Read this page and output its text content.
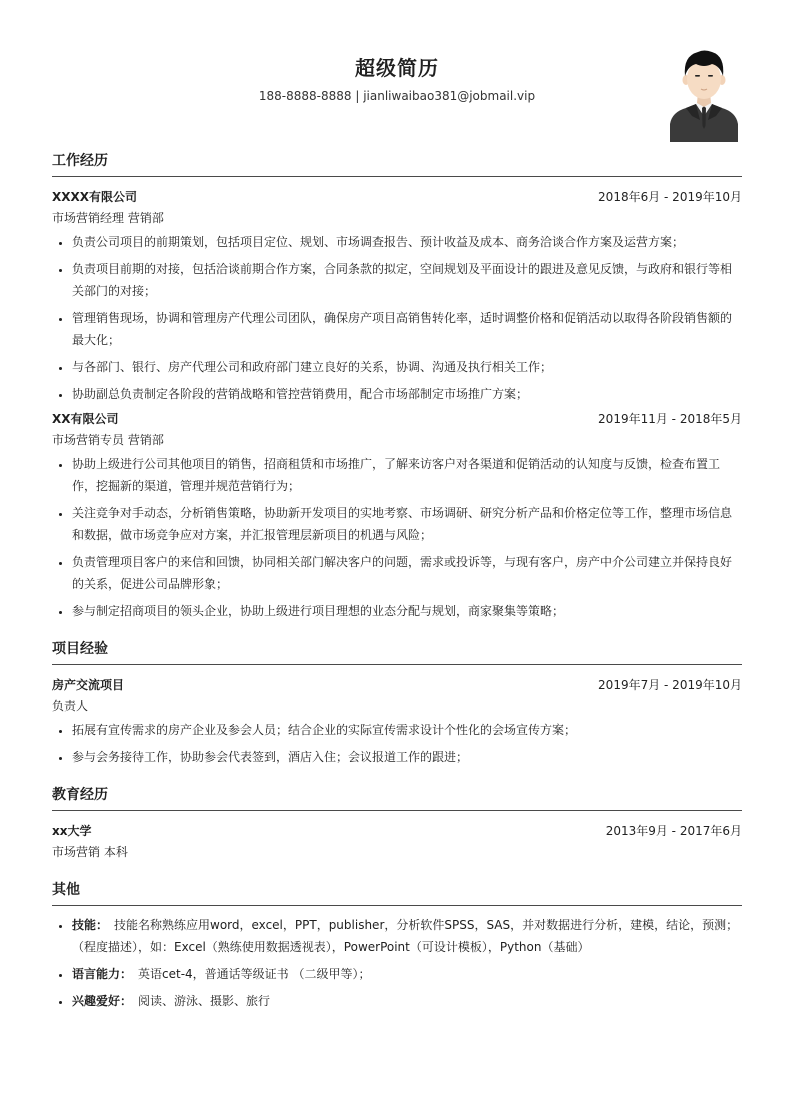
超级简历
188-8888-8888 | jianliwaibao381@jobmail.vip
工作经历
XXXX有限公司	2018年6月 - 2019年10月
市场营销经理 营销部
• 负责公司项目的前期策划，包括项目定位、规划、市场调查报告、预计收益及成本、商务洽谈合作方案及运营方案；
• 负责项目前期的对接，包括洽谈前期合作方案，合同条款的拟定，空间规划及平面设计的跟进及意见反馈，与政府和银行等相关部门的对接；
• 管理销售现场，协调和管理房产代理公司团队，确保房产项目高销售转化率，适时调整价格和促销活动以取得各阶段销售额的最大化；
• 与各部门、银行、房产代理公司和政府部门建立良好的关系，协调、沟通及执行相关工作；
• 协助副总负责制定各阶段的营销战略和管控营销费用，配合市场部制定市场推广方案；
XX有限公司	2019年11月 - 2018年5月
市场营销专员 营销部
• 协助上级进行公司其他项目的销售，招商租赁和市场推广，了解来访客户对各渠道和促销活动的认知度与反馈，检查布置工作，挖掘新的渠道，管理并规范营销行为；
• 关注竞争对手动态，分析销售策略，协助新开发项目的实地考察、市场调研、研究分析产品和价格定位等工作，整理市场信息和数据，做市场竞争应对方案，并汇报管理层新项目的机遇与风险；
• 负责管理项目客户的来信和回馈，协同相关部门解决客户的问题，需求或投诉等，与现有客户，房产中介公司建立并保持良好的关系，促进公司品牌形象；
• 参与制定招商项目的领头企业，协助上级进行项目理想的业态分配与规划，商家聚集等策略；
项目经验
房产交流项目	2019年7月 - 2019年10月
负责人
• 拓展有宣传需求的房产企业及参会人员；结合企业的实际宣传需求设计个性化的会场宣传方案；
• 参与会务接待工作，协助参会代表签到，酒店入住；会议报道工作的跟进；
教育经历
xx大学	2013年9月 - 2017年6月
市场营销 本科
其他
• 技能： 技能名称熟练应用word，excel，PPT，publisher，分析软件SPSS，SAS，并对数据进行分析，建模，结论，预测；（程度描述），如：Excel（熟练使用数据透视表），PowerPoint（可设计模板），Python（基础）
• 语言能力： 英语cet-4，普通话等级证书 （二级甲等）；
• 兴趣爱好： 阅读、游泳、摄影、旅行
